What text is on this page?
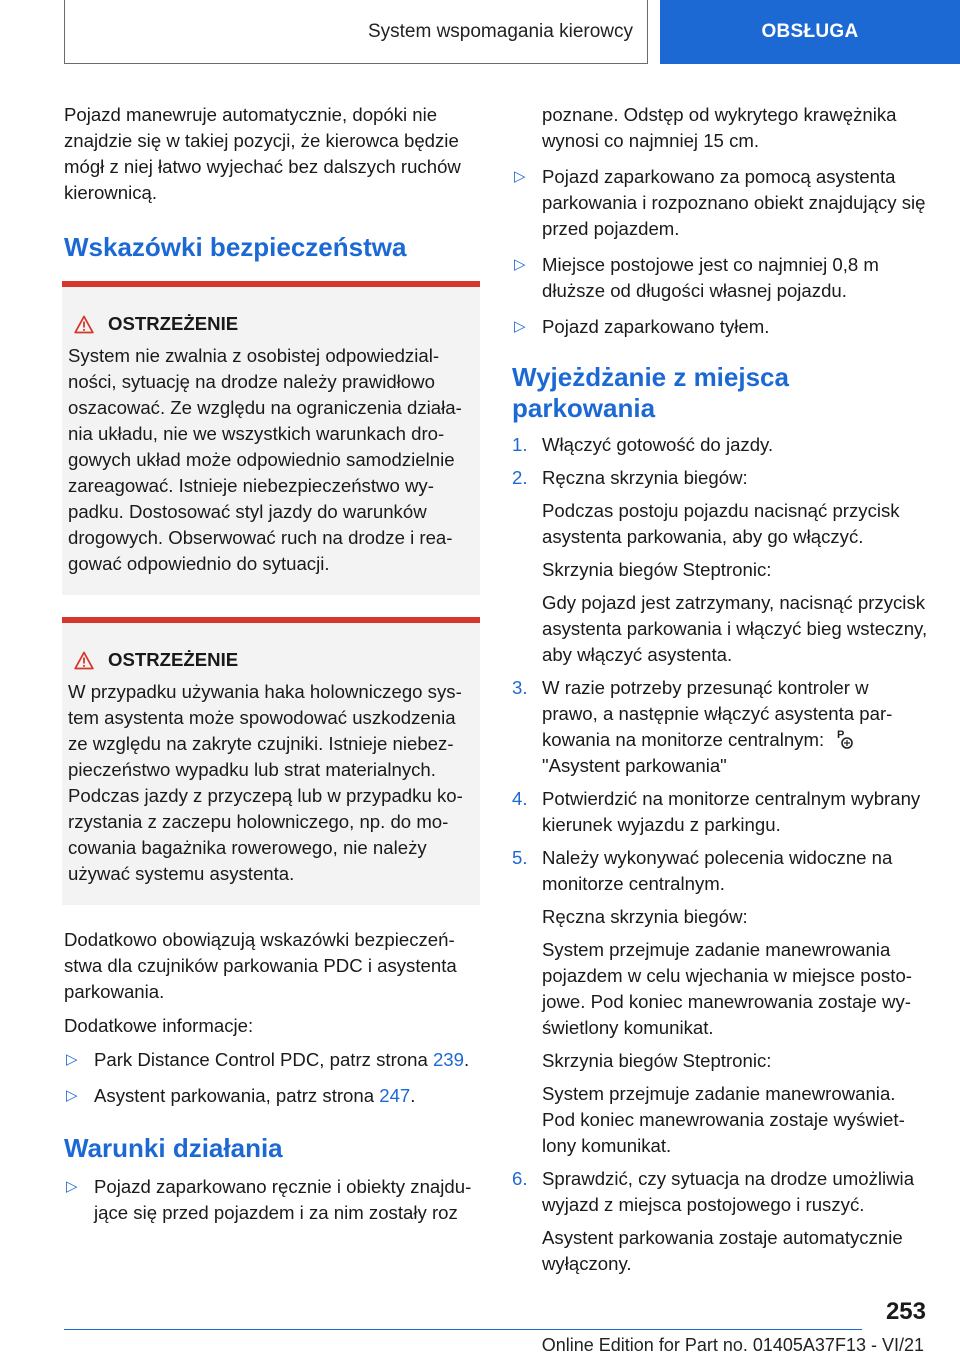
System wspomagania kierowcy	OBSŁUGA

Pojazd manewruje automatycznie, dopóki nie znajdzie się w takiej pozycji, że kierowca będzie mógł z niej łatwo wyjechać bez dalszych ruchów kierownicą.

Wskazówki bezpieczeństwa
OSTRZEŻENIE

System nie zwalnia z osobistej odpowiedzialności, sytuację na drodze należy prawidłowo oszacować. Ze względu na ograniczenia działania układu, nie we wszystkich warunkach drogowych układ może odpowiednio samodzielnie zareagować. Istnieje niebezpieczeństwo wypadku. Dostosować styl jazdy do warunków drogowych. Obserwować ruch na drodze i reagować odpowiednio do sytuacji.

OSTRZEŻENIE

W przypadku używania haka holowniczego system asystenta może spowodować uszkodzenia ze względu na zakryte czujniki. Istnieje niebezpieczeństwo wypadku lub strat materialnych. Podczas jazdy z przyczepą lub w przypadku korzystania z zaczepu holowniczego, np. do mocowania bagażnika rowerowego, nie należy używać systemu asystenta.

Dodatkowo obowiązują wskazówki bezpieczeństwa dla czujników parkowania PDC i asystenta parkowania.

Dodatkowe informacje:

▷ Park Distance Control PDC, patrz strona 239.
▷ Asystent parkowania, patrz strona 247.
Warunki działania
▷ Pojazd zaparkowano ręcznie i obiekty znajdujące się przed pojazdem i za nim zostały roz
poznane. Odstęp od wykrytego krawężnika wynosi co najmniej 15 cm.
▷ Pojazd zaparkowano za pomocą asystenta parkowania i rozpoznano obiekt znajdujący się przed pojazdem.
▷ Miejsce postojowe jest co najmniej 0,8 m dłuższe od długości własnej pojazdu.
▷ Pojazd zaparkowano tyłem.
Wyjeżdżanie z miejsca parkowania
1. Włączyć gotowość do jazdy.
2. Ręczna skrzynia biegów:
Podczas postoju pojazdu nacisnąć przycisk asystenta parkowania, aby go włączyć.
Skrzynia biegów Steptronic:
Gdy pojazd jest zatrzymany, nacisnąć przycisk asystenta parkowania i włączyć bieg wsteczny, aby włączyć asystenta.
3. W razie potrzeby przesunąć kontroler w prawo, a następnie włączyć asystenta parkowania na monitorze centralnym: P
"Asystent parkowania"
4. Potwierdzić na monitorze centralnym wybrany kierunek wyjazdu z parkingu.
5. Należy wykonywać polecenia widoczne na monitorze centralnym.
Ręczna skrzynia biegów:
System przejmuje zadanie manewrowania pojazdem w celu wjechania w miejsce postojowe. Pod koniec manewrowania zostaje wyświetlony komunikat.
Skrzynia biegów Steptronic:
System przejmuje zadanie manewrowania. Pod koniec manewrowania zostaje wyświetlony komunikat.
6. Sprawdzić, czy sytuacja na drodze umożliwia wyjazd z miejsca postojowego i ruszyć.
Asystent parkowania zostaje automatycznie wyłączony.
253
Online Edition for Part no. 01405A37F13 - VI/21
